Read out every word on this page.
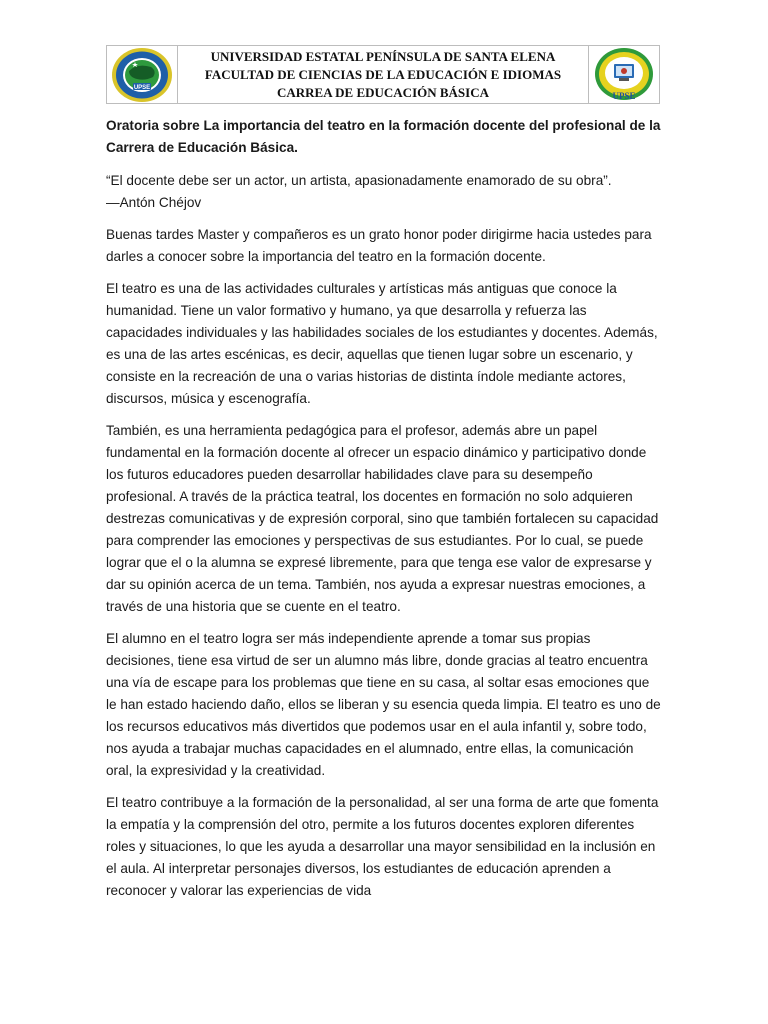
UPSE
UNIVERSIDAD ESTATAL PENÍNSULA DE SANTA ELENA
FACULTAD DE CIENCIAS DE LA EDUCACIÓN E IDIOMAS
CARREA DE EDUCACIÓN BÁSICA	UPSE
Oratoria sobre La importancia del teatro en la formación docente del profesional de la Carrera de Educación Básica.
“El docente debe ser un actor, un artista, apasionadamente enamorado de su obra”.
—Antón Chéjov

Buenas tardes Master y compañeros es un grato honor poder dirigirme hacia ustedes para darles a conocer sobre la importancia del teatro en la formación docente.

El teatro es una de las actividades culturales y artísticas más antiguas que conoce la humanidad. Tiene un valor formativo y humano, ya que desarrolla y refuerza las capacidades individuales y las habilidades sociales de los estudiantes y docentes. Además, es una de las artes escénicas, es decir, aquellas que tienen lugar sobre un escenario, y consiste en la recreación de una o varias historias de distinta índole mediante actores, discursos, música y escenografía.

También, es una herramienta pedagógica para el profesor, además abre un papel fundamental en la formación docente al ofrecer un espacio dinámico y participativo donde los futuros educadores pueden desarrollar habilidades clave para su desempeño profesional. A través de la práctica teatral, los docentes en formación no solo adquieren destrezas comunicativas y de expresión corporal, sino que también fortalecen su capacidad para comprender las emociones y perspectivas de sus estudiantes. Por lo cual, se puede lograr que el o la alumna se expresé libremente, para que tenga ese valor de expresarse y dar su opinión acerca de un tema. También, nos ayuda a expresar nuestras emociones, a través de una historia que se cuente en el teatro.

El alumno en el teatro logra ser más independiente aprende a tomar sus propias decisiones, tiene esa virtud de ser un alumno más libre, donde gracias al teatro encuentra una vía de escape para los problemas que tiene en su casa, al soltar esas emociones que le han estado haciendo daño, ellos se liberan y su esencia queda limpia. El teatro es uno de los recursos educativos más divertidos que podemos usar en el aula infantil y, sobre todo, nos ayuda a trabajar muchas capacidades en el alumnado, entre ellas, la comunicación oral, la expresividad y la creatividad.

El teatro contribuye a la formación de la personalidad, al ser una forma de arte que fomenta la empatía y la comprensión del otro, permite a los futuros docentes exploren diferentes roles y situaciones, lo que les ayuda a desarrollar una mayor sensibilidad en la inclusión en el aula. Al interpretar personajes diversos, los estudiantes de educación aprenden a reconocer y valorar las experiencias de vida
